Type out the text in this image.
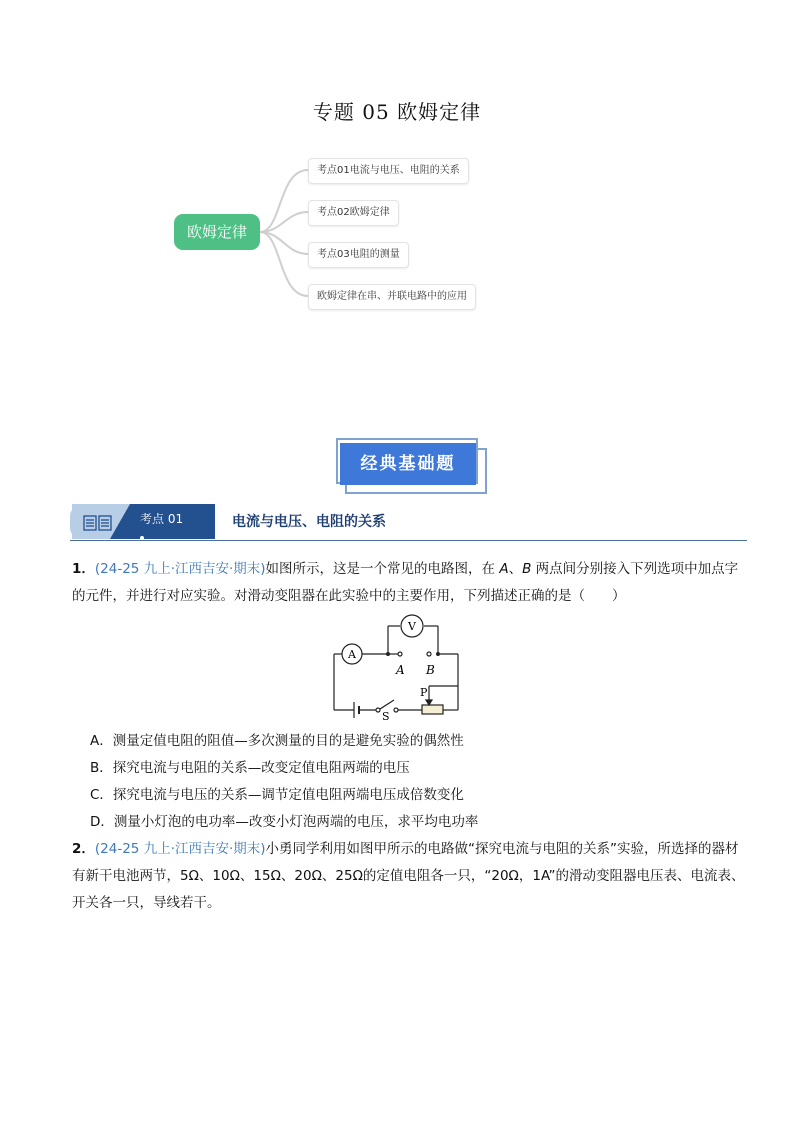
专题 05 欧姆定律
欧姆定律
考点01电流与电压、电阻的关系
考点02欧姆定律
考点03电阻的测量
欧姆定律在串、并联电路中的应用
经典基础题
考点 01	电流与电压、电阻的关系
1．(24-25 九上·江西吉安·期末)如图所示，这是一个常见的电路图，在 A、B 两点间分别接入下列选项中加点字的元件，并进行对应实验。对滑动变阻器在此实验中的主要作用，下列描述正确的是（　　）
A
V
A B
P
S
A．测量定值电阻的阻值—多次测量的目的是避免实验的偶然性
B．探究电流与电阻的关系—改变定值电阻两端的电压
C．探究电流与电压的关系—调节定值电阻两端电压成倍数变化
D．测量小灯泡的电功率—改变小灯泡两端的电压，求平均电功率
2．(24-25 九上·江西吉安·期末)小勇同学利用如图甲所示的电路做“探究电流与电阻的关系”实验，所选择的器材有新干电池两节，5Ω、10Ω、15Ω、20Ω、25Ω的定值电阻各一只，“20Ω，1A”的滑动变阻器电压表、电流表、开关各一只，导线若干。
